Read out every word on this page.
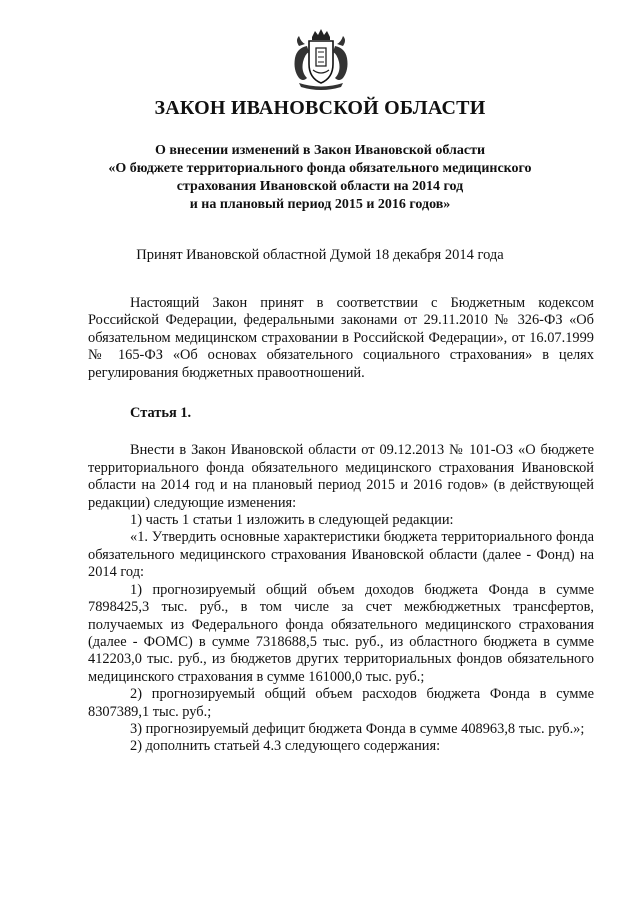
ЗАКОН ИВАНОВСКОЙ ОБЛАСТИ
О внесении изменений в Закон Ивановской области
«О бюджете территориального фонда обязательного медицинского
страхования Ивановской области на 2014 год
и на плановый период 2015 и 2016 годов»

Принят Ивановской областной Думой 18 декабря 2014 года

Настоящий Закон принят в соответствии с Бюджетным кодексом Российской Федерации, федеральными законами от 29.11.2010 № 326-ФЗ «Об обязательном медицинском страховании в Российской Федерации», от 16.07.1999 № 165-ФЗ «Об основах обязательного социального страхования» в целях регулирования бюджетных правоотношений.

Статья 1.

Внести в Закон Ивановской области от 09.12.2013 № 101-ОЗ «О бюджете территориального фонда обязательного медицинского страхования Ивановской области на 2014 год и на плановый период 2015 и 2016 годов» (в действующей редакции) следующие изменения:

1) часть 1 статьи 1 изложить в следующей редакции:

«1. Утвердить основные характеристики бюджета территориального фонда обязательного медицинского страхования Ивановской области (далее - Фонд) на 2014 год:

1) прогнозируемый общий объем доходов бюджета Фонда в сумме 7898425,3 тыс. руб., в том числе за счет межбюджетных трансфертов, получаемых из Федерального фонда обязательного медицинского страхования (далее - ФОМС) в сумме 7318688,5 тыс. руб., из областного бюджета в сумме 412203,0 тыс. руб., из бюджетов других территориальных фондов обязательного медицинского страхования в сумме 161000,0 тыс. руб.;

2) прогнозируемый общий объем расходов бюджета Фонда в сумме 8307389,1 тыс. руб.;

3) прогнозируемый дефицит бюджета Фонда в сумме 408963,8 тыс. руб.»;

2) дополнить статьей 4.3 следующего содержания:
